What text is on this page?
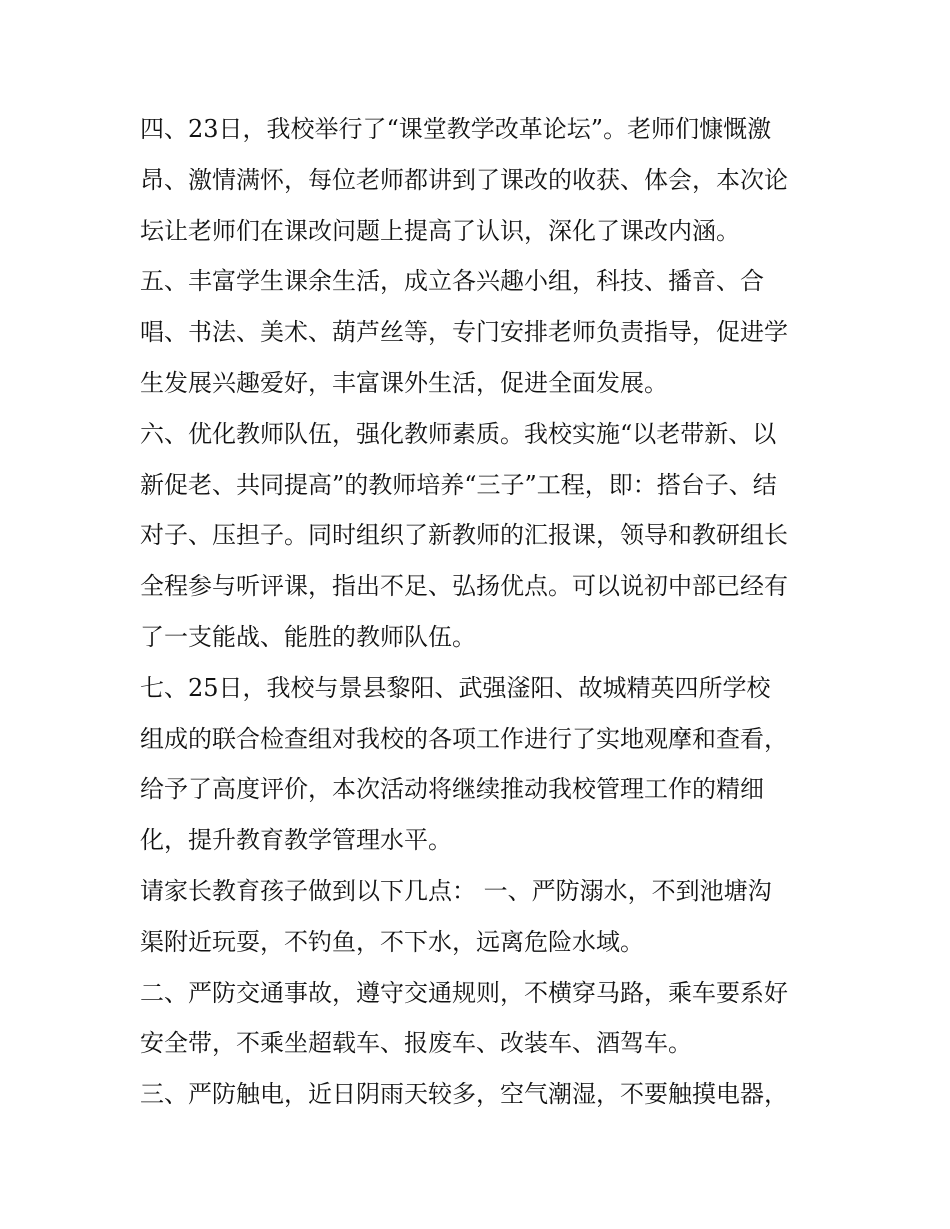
四、23日，我校举行了“课堂教学改革论坛”。老师们慷慨激
昂、激情满怀，每位老师都讲到了课改的收获、体会，本次论
坛让老师们在课改问题上提高了认识，深化了课改内涵。
五、丰富学生课余生活，成立各兴趣小组，科技、播音、合
唱、书法、美术、葫芦丝等，专门安排老师负责指导，促进学
生发展兴趣爱好，丰富课外生活，促进全面发展。
六、优化教师队伍，强化教师素质。我校实施“以老带新、以
新促老、共同提高”的教师培养“三子”工程，即：搭台子、结
对子、压担子。同时组织了新教师的汇报课，领导和教研组长
全程参与听评课，指出不足、弘扬优点。可以说初中部已经有
了一支能战、能胜的教师队伍。
七、25日，我校与景县黎阳、武强滏阳、故城精英四所学校
组成的联合检查组对我校的各项工作进行了实地观摩和查看，
给予了高度评价，本次活动将继续推动我校管理工作的精细
化，提升教育教学管理水平。
请家长教育孩子做到以下几点： 一、严防溺水，不到池塘沟
渠附近玩耍，不钓鱼，不下水，远离危险水域。
二、严防交通事故，遵守交通规则，不横穿马路，乘车要系好
安全带，不乘坐超载车、报废车、改装车、酒驾车。
三、严防触电，近日阴雨天较多，空气潮湿，不要触摸电器，
